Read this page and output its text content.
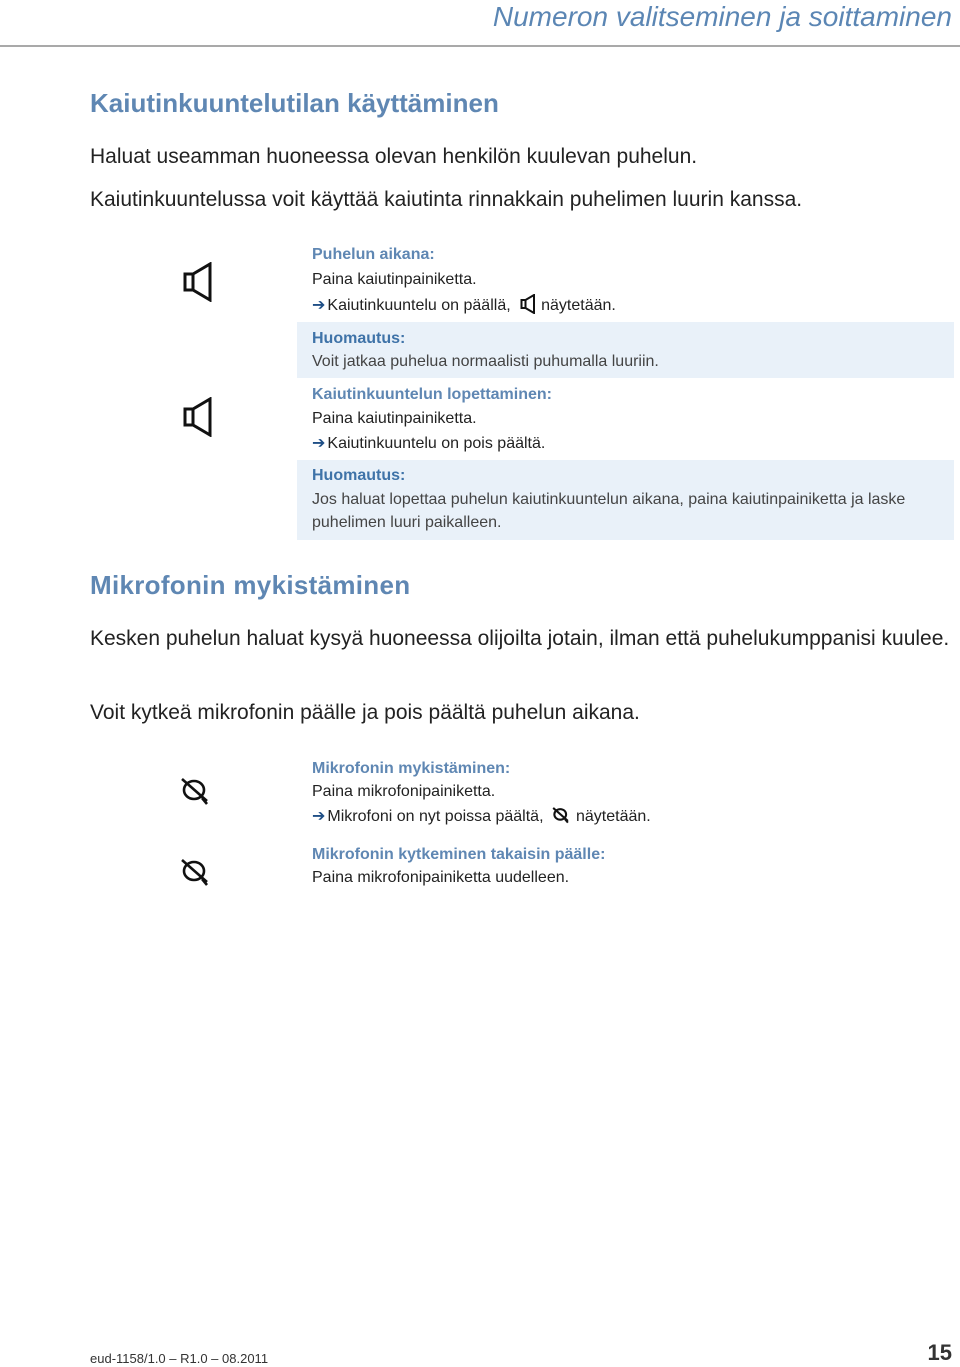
Numeron valitseminen ja soittaminen
Kaiutinkuuntelutilan käyttäminen
Haluat useamman huoneessa olevan henkilön kuulevan puhelun.
Kaiutinkuuntelussa voit käyttää kaiutinta rinnakkain puhelimen luurin kanssa.
Puhelun aikana:
Paina kaiutinpainiketta.
➔ Kaiutinkuuntelu on päällä, näytetään.
Huomautus:
Voit jatkaa puhelua normaalisti puhumalla luuriin.
Kaiutinkuuntelun lopettaminen:
Paina kaiutinpainiketta.
➔ Kaiutinkuuntelu on pois päältä.
Huomautus:
Jos haluat lopettaa puhelun kaiutinkuuntelun aikana, paina kaiutinpainiketta ja laske puhelimen luuri paikalleen.
Mikrofonin mykistäminen
Kesken puhelun haluat kysyä huoneessa olijoilta jotain, ilman että puhelukumppanisi kuulee.
Voit kytkeä mikrofonin päälle ja pois päältä puhelun aikana.
Mikrofonin mykistäminen:
Paina mikrofonipainiketta.
➔ Mikrofoni on nyt poissa päältä, näytetään.
Mikrofonin kytkeminen takaisin päälle:
Paina mikrofonipainiketta uudelleen.
eud-1158/1.0 – R1.0 – 08.2011	15
